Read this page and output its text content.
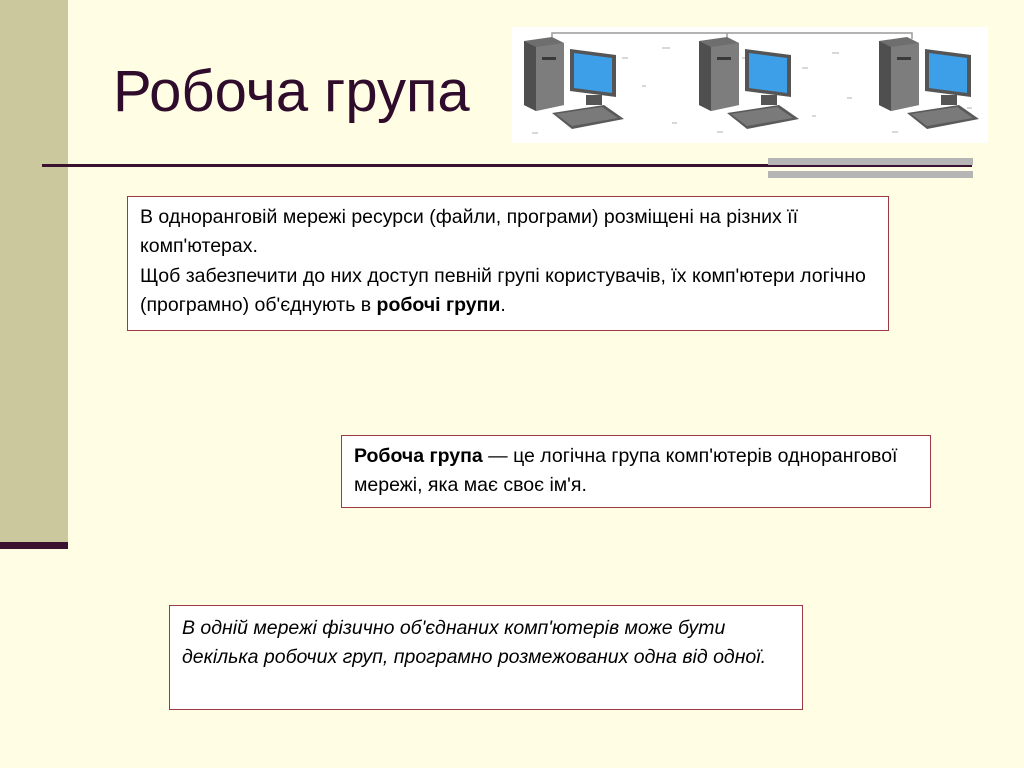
Робоча група

В одноранговій мережі ресурси (файли, програми) розміщені на різних її комп'ютерах.

Щоб забезпечити до них доступ певній групі користувачів, їх комп'ютери логічно (програмно) об'єднують в робочі групи.

Робоча група — це логічна група комп'ютерів однорангової мережі, яка має своє ім'я.

В одній мережі фізично об'єднаних комп'ютерів може бути декілька робочих груп, програмно розмежованих одна від одної.
